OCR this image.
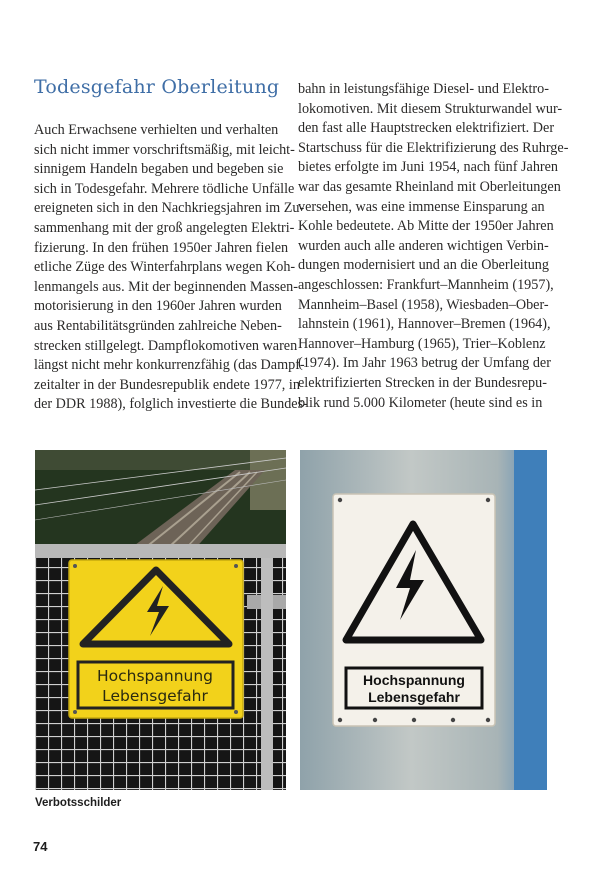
Todesgefahr Oberleitung
Auch Erwachsene verhielten und verhalten
sich nicht immer vorschriftsmäßig, mit leicht-
sinnigem Handeln begaben und begeben sie
sich in Todesgefahr. Mehrere tödliche Unfälle
ereigneten sich in den Nachkriegsjahren im Zu-
sammenhang mit der groß angelegten Elektri-
fizierung. In den frühen 1950er Jahren fielen
etliche Züge des Winterfahrplans wegen Koh-
lenmangels aus. Mit der beginnenden Massen-
motorisierung in den 1960er Jahren wurden
aus Rentabilitätsgründen zahlreiche Neben-
strecken stillgelegt. Dampflokomotiven waren
längst nicht mehr konkurrenzfähig (das Dampf-
zeitalter in der Bundesrepublik endete 1977, in
der DDR 1988), folglich investierte die Bundes-
bahn in leistungsfähige Diesel- und Elektro-
lokomotiven. Mit diesem Strukturwandel wur-
den fast alle Hauptstrecken elektrifiziert. Der
Startschuss für die Elektrifizierung des Ruhrge-
bietes erfolgte im Juni 1954, nach fünf Jahren
war das gesamte Rheinland mit Oberleitungen
versehen, was eine immense Einsparung an
Kohle bedeutete. Ab Mitte der 1950er Jahren
wurden auch alle anderen wichtigen Verbin-
dungen modernisiert und an die Oberleitung
angeschlossen: Frankfurt–Mannheim (1957),
Mannheim–Basel (1958), Wiesbaden–Ober-
lahnstein (1961), Hannover–Bremen (1964),
Hannover–Hamburg (1965), Trier–Koblenz
(1974). Im Jahr 1963 betrug der Umfang der
elektrifizierten Strecken in der Bundesrepu-
blik rund 5.000 Kilometer (heute sind es in
Hochspannung
Lebensgefahr
Hochspannung
Lebensgefahr
Verbotsschilder
74
